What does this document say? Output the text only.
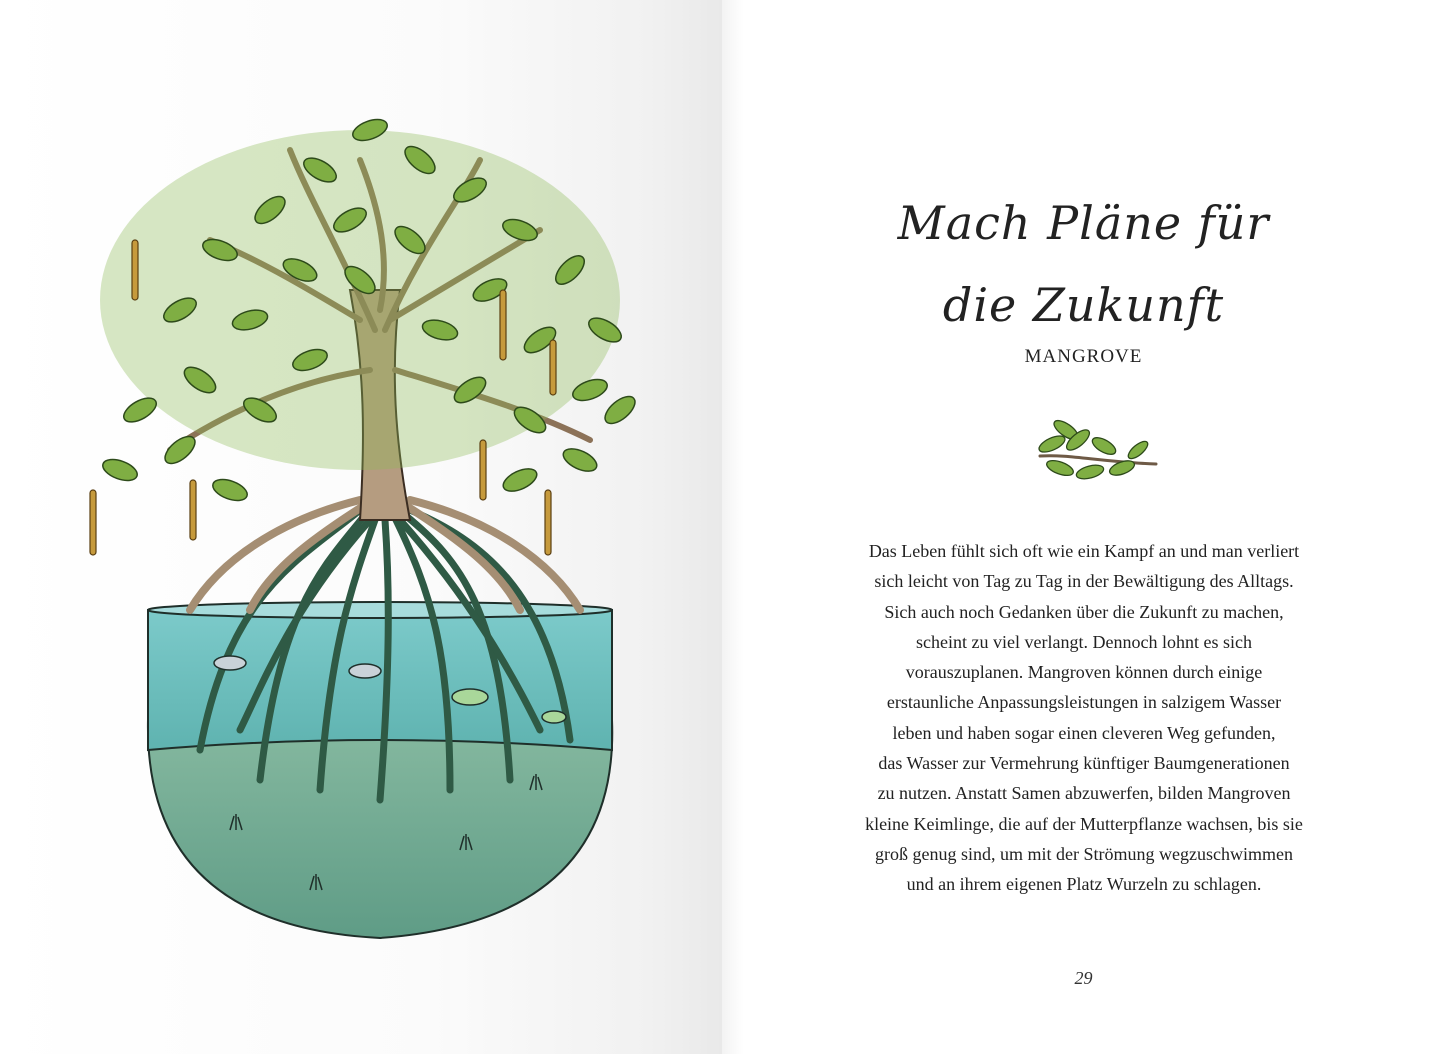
Mach Pläne für
die Zukunft
MANGROVE
Das Leben fühlt sich oft wie ein Kampf an und man verliert
sich leicht von Tag zu Tag in der Bewältigung des Alltags.
Sich auch noch Gedanken über die Zukunft zu machen,
scheint zu viel verlangt. Dennoch lohnt es sich
vorauszuplanen. Mangroven können durch einige
erstaunliche Anpassungsleistungen in salzigem Wasser
leben und haben sogar einen cleveren Weg gefunden,
das Wasser zur Vermehrung künftiger Baumgenerationen
zu nutzen. Anstatt Samen abzuwerfen, bilden Mangroven
kleine Keimlinge, die auf der Mutterpflanze wachsen, bis sie
groß genug sind, um mit der Strömung wegzuschwimmen
und an ihrem eigenen Platz Wurzeln zu schlagen.
29
